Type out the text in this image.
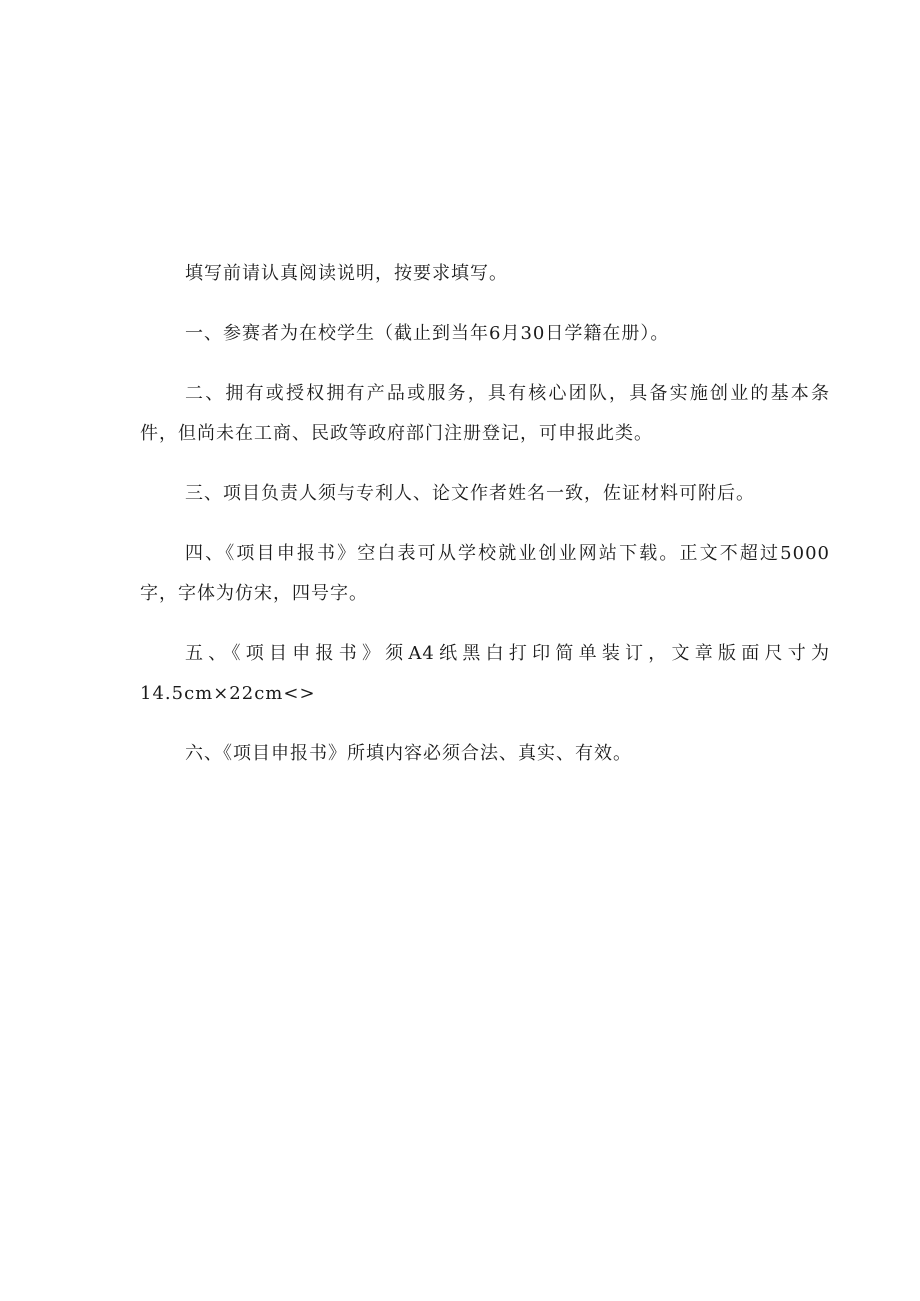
填写前请认真阅读说明，按要求填写。

一、参赛者为在校学生（截止到当年6月30日学籍在册）。

二、拥有或授权拥有产品或服务，具有核心团队，具备实施创业的基本条件，但尚未在工商、民政等政府部门注册登记，可申报此类。

三、项目负责人须与专利人、论文作者姓名一致，佐证材料可附后。

四、《项目申报书》空白表可从学校就业创业网站下载。正文不超过5000字，字体为仿宋，四号字。

五、《项目申报书》须A4纸黑白打印简单装订，文章版面尺寸为14.5cm×22cm<>

六、《项目申报书》所填内容必须合法、真实、有效。
